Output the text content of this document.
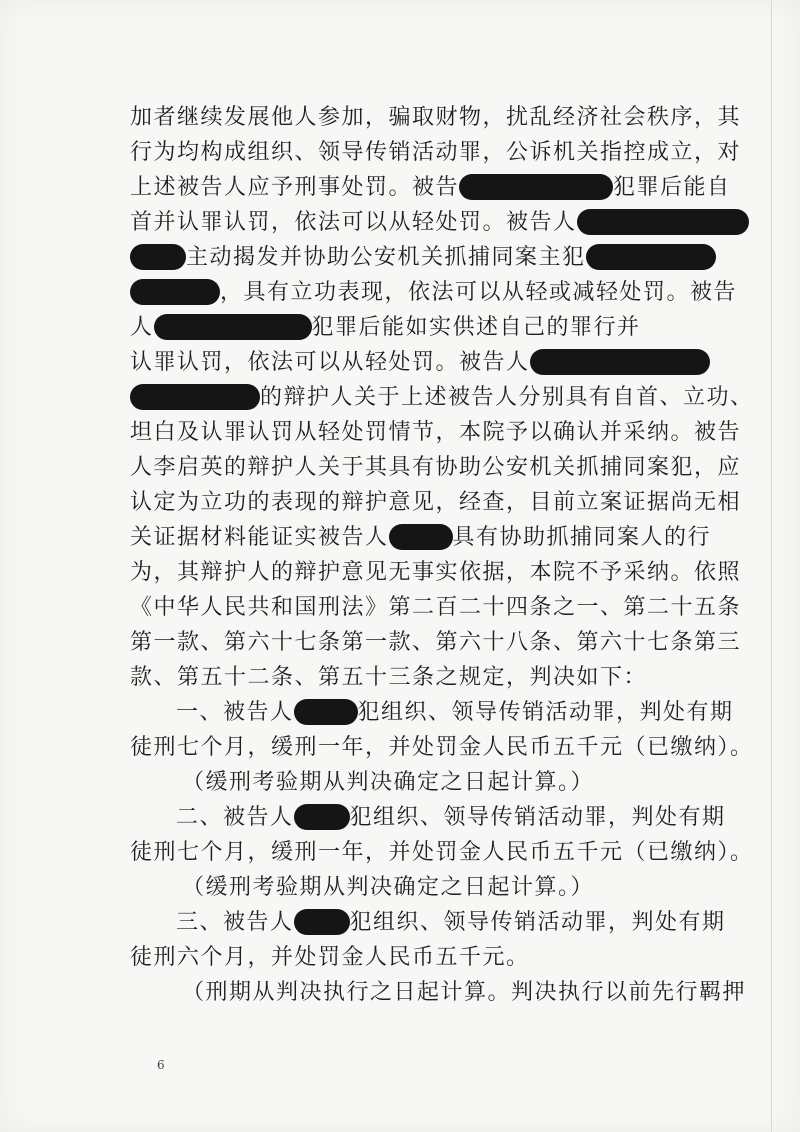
加者继续发展他人参加，骗取财物，扰乱经济社会秩序，其
行为均构成组织、领导传销活动罪，公诉机关指控成立，对
上述被告人应予刑事处罚。被告	犯罪后能自
首并认罪认罚，依法可以从轻处罚。被告人
主动揭发并协助公安机关抓捕同案主犯
，具有立功表现，依法可以从轻或减轻处罚。被告
人	犯罪后能如实供述自己的罪行并
认罪认罚，依法可以从轻处罚。被告人
的辩护人关于上述被告人分别具有自首、立功、
坦白及认罪认罚从轻处罚情节，本院予以确认并采纳。被告
人李启英的辩护人关于其具有协助公安机关抓捕同案犯，应
认定为立功的表现的辩护意见，经查，目前立案证据尚无相
关证据材料能证实被告人	具有协助抓捕同案人的行
为，其辩护人的辩护意见无事实依据，本院不予采纳。依照
《中华人民共和国刑法》第二百二十四条之一、第二十五条
第一款、第六十七条第一款、第六十八条、第六十七条第三
款、第五十二条、第五十三条之规定，判决如下：
一、被告人	犯组织、领导传销活动罪，判处有期
徒刑七个月，缓刑一年，并处罚金人民币五千元（已缴纳）。
（缓刑考验期从判决确定之日起计算。）
二、被告人	犯组织、领导传销活动罪，判处有期
徒刑七个月，缓刑一年，并处罚金人民币五千元（已缴纳）。
（缓刑考验期从判决确定之日起计算。）
三、被告人	犯组织、领导传销活动罪，判处有期
徒刑六个月，并处罚金人民币五千元。
（刑期从判决执行之日起计算。判决执行以前先行羁押
6
